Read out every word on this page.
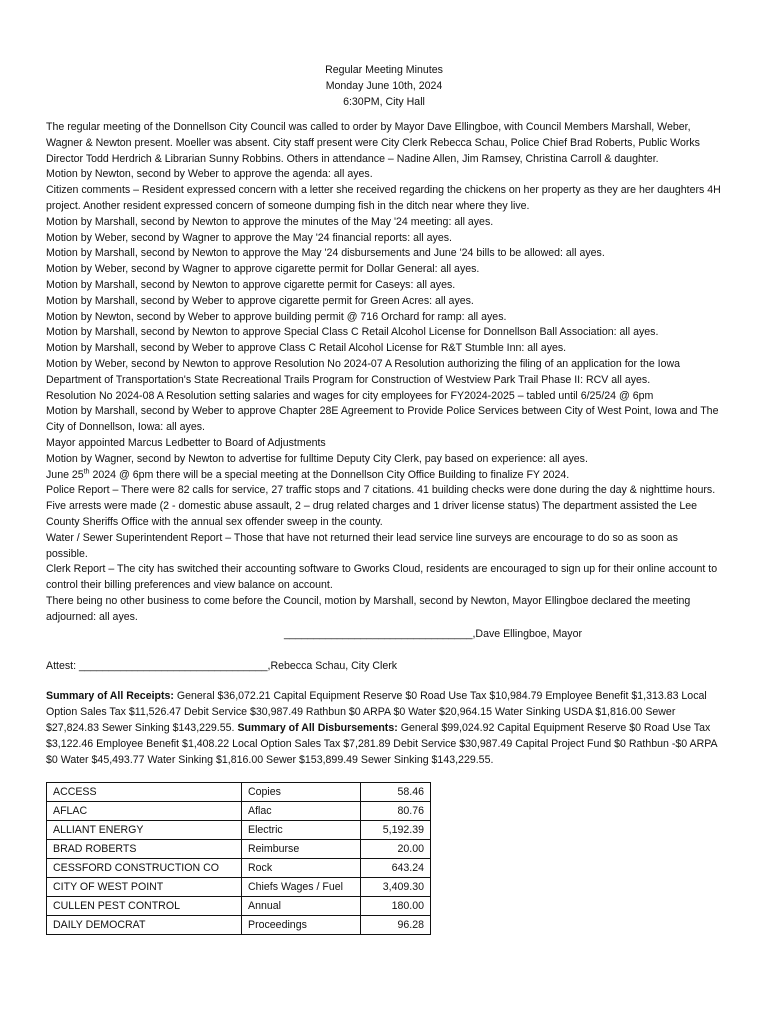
Regular Meeting Minutes
Monday June 10th, 2024
6:30PM, City Hall

The regular meeting of the Donnellson City Council was called to order by Mayor Dave Ellingboe, with Council Members Marshall, Weber, Wagner & Newton present. Moeller was absent. City staff present were City Clerk Rebecca Schau, Police Chief Brad Roberts, Public Works Director Todd Herdrich & Librarian Sunny Robbins. Others in attendance – Nadine Allen, Jim Ramsey, Christina Carroll & daughter.

Motion by Newton, second by Weber to approve the agenda: all ayes.

Citizen comments – Resident expressed concern with a letter she received regarding the chickens on her property as they are her daughters 4H project. Another resident expressed concern of someone dumping fish in the ditch near where they live.

Motion by Marshall, second by Newton to approve the minutes of the May '24 meeting: all ayes.

Motion by Weber, second by Wagner to approve the May '24 financial reports: all ayes.

Motion by Marshall, second by Newton to approve the May '24 disbursements and June '24 bills to be allowed: all ayes.

Motion by Weber, second by Wagner to approve cigarette permit for Dollar General: all ayes.

Motion by Marshall, second by Newton to approve cigarette permit for Caseys: all ayes.

Motion by Marshall, second by Weber to approve cigarette permit for Green Acres: all ayes.

Motion by Newton, second by Weber to approve building permit @ 716 Orchard for ramp: all ayes.

Motion by Marshall, second by Newton to approve Special Class C Retail Alcohol License for Donnellson Ball Association: all ayes.

Motion by Marshall, second by Weber to approve Class C Retail Alcohol License for R&T Stumble Inn: all ayes.

Motion by Weber, second by Newton to approve Resolution No 2024-07 A Resolution authorizing the filing of an application for the Iowa Department of Transportation's State Recreational Trails Program for Construction of Westview Park Trail Phase II: RCV all ayes.

Resolution No 2024-08 A Resolution setting salaries and wages for city employees for FY2024-2025 – tabled until 6/25/24 @ 6pm

Motion by Marshall, second by Weber to approve Chapter 28E Agreement to Provide Police Services between City of West Point, Iowa and The City of Donnellson, Iowa: all ayes.

Mayor appointed Marcus Ledbetter to Board of Adjustments

Motion by Wagner, second by Newton to advertise for fulltime Deputy City Clerk, pay based on experience: all ayes.

June 25th 2024 @ 6pm there will be a special meeting at the Donnellson City Office Building to finalize FY 2024.

Police Report – There were 82 calls for service, 27 traffic stops and 7 citations. 41 building checks were done during the day & nighttime hours. Five arrests were made (2 - domestic abuse assault, 2 – drug related charges and 1 driver license status) The department assisted the Lee County Sheriffs Office with the annual sex offender sweep in the county.

Water / Sewer Superintendent Report – Those that have not returned their lead service line surveys are encourage to do so as soon as possible.

Clerk Report – The city has switched their accounting software to Gworks Cloud, residents are encouraged to sign up for their online account to control their billing preferences and view balance on account.

There being no other business to come before the Council, motion by Marshall, second by Newton, Mayor Ellingboe declared the meeting adjourned: all ayes.

________________________________,Dave Ellingboe, Mayor
Attest: ________________________________,Rebecca Schau, City Clerk

Summary of All Receipts: General $36,072.21 Capital Equipment Reserve $0 Road Use Tax $10,984.79 Employee Benefit $1,313.83 Local Option Sales Tax $11,526.47 Debit Service $30,987.49 Rathbun $0 ARPA $0 Water $20,964.15 Water Sinking USDA $1,816.00 Sewer $27,824.83 Sewer Sinking $143,229.55. Summary of All Disbursements: General $99,024.92 Capital Equipment Reserve $0 Road Use Tax $3,122.46 Employee Benefit $1,408.22 Local Option Sales Tax $7,281.89 Debit Service $30,987.49 Capital Project Fund $0 Rathbun -$0 ARPA $0 Water $45,493.77 Water Sinking $1,816.00 Sewer $153,899.49 Sewer Sinking $143,229.55.

ACCESS	Copies	58.46
AFLAC	Aflac	80.76
ALLIANT ENERGY	Electric	5,192.39
BRAD ROBERTS	Reimburse	20.00
CESSFORD CONSTRUCTION CO	Rock	643.24
CITY OF WEST POINT	Chiefs Wages / Fuel	3,409.30
CULLEN PEST CONTROL	Annual	180.00
DAILY DEMOCRAT	Proceedings	96.28
